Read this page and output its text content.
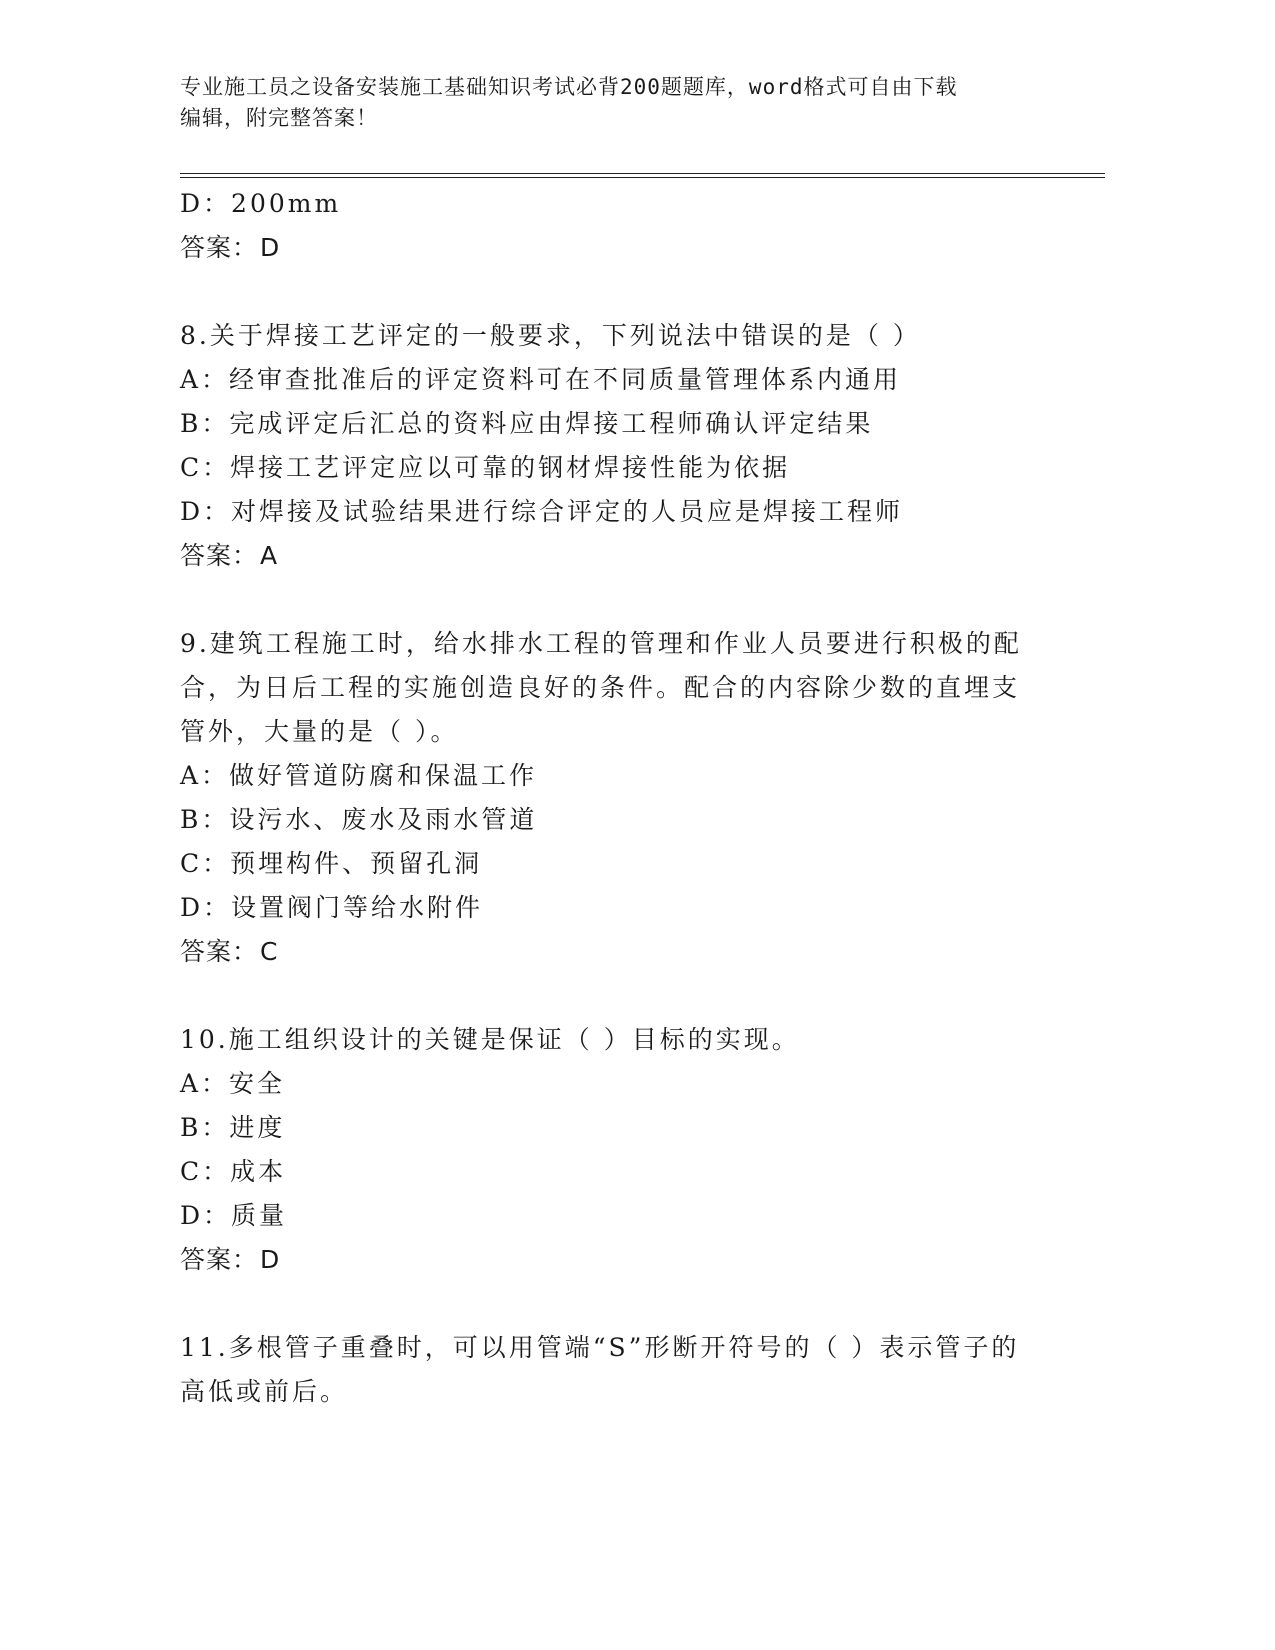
专业施工员之设备安装施工基础知识考试必背200题题库，word格式可自由下载
编辑，附完整答案！
D：200mm
答案：D
8.关于焊接工艺评定的一般要求，下列说法中错误的是（ ）
A：经审查批准后的评定资料可在不同质量管理体系内通用
B：完成评定后汇总的资料应由焊接工程师确认评定结果
C：焊接工艺评定应以可靠的钢材焊接性能为依据
D：对焊接及试验结果进行综合评定的人员应是焊接工程师
答案：A
9.建筑工程施工时，给水排水工程的管理和作业人员要进行积极的配
合，为日后工程的实施创造良好的条件。配合的内容除少数的直埋支
管外，大量的是（ ）。
A：做好管道防腐和保温工作
B：设污水、废水及雨水管道
C：预埋构件、预留孔洞
D：设置阀门等给水附件
答案：C
10.施工组织设计的关键是保证（ ）目标的实现。
A：安全
B：进度
C：成本
D：质量
答案：D
11.多根管子重叠时，可以用管端“S”形断开符号的（ ）表示管子的
高低或前后。
